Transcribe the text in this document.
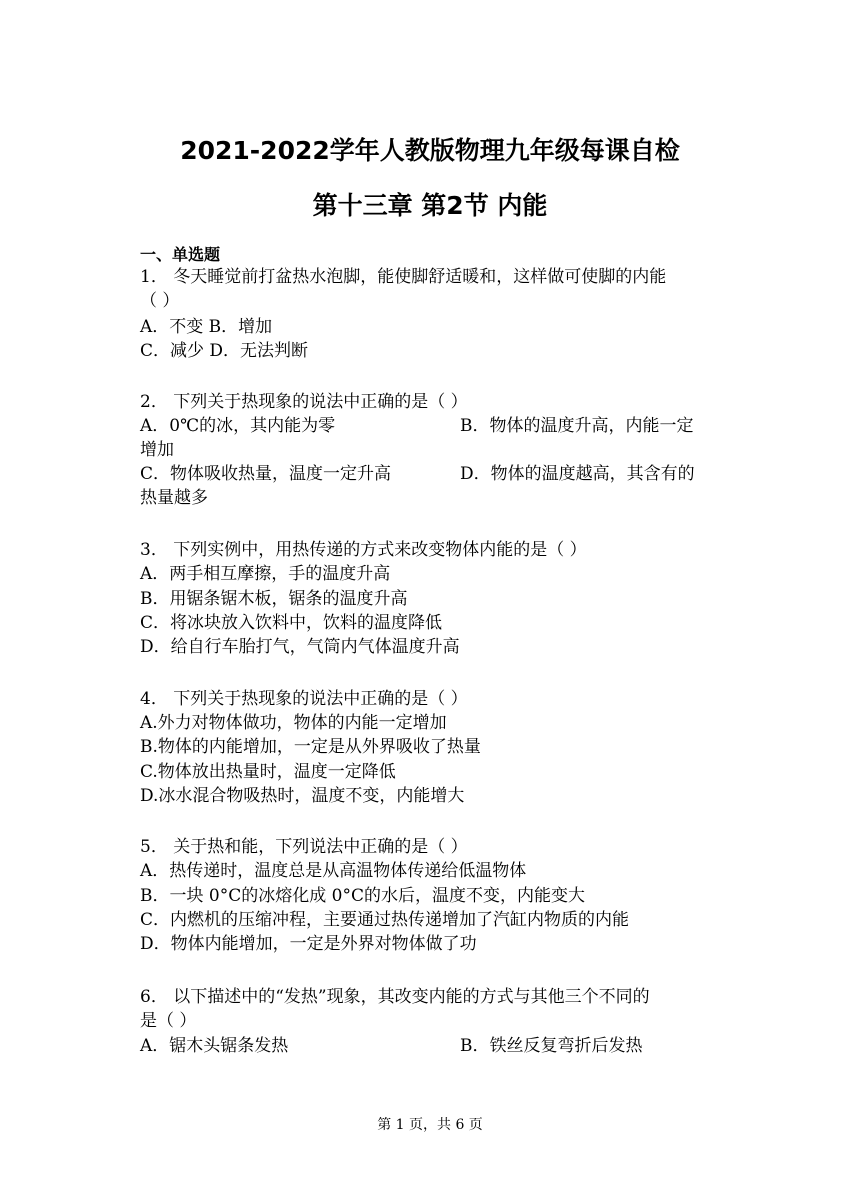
2021-2022学年人教版物理九年级每课自检
第十三章 第2节 内能
一、单选题
1． 冬天睡觉前打盆热水泡脚，能使脚舒适暖和，这样做可使脚的内能
（ ）
A．不变 B．增加
C．减少 D．无法判断
2． 下列关于热现象的说法中正确的是（ ）
A．0℃的冰，其内能为零	B．物体的温度升高，内能一定
增加
C．物体吸收热量，温度一定升高	D．物体的温度越高，其含有的
热量越多
3． 下列实例中，用热传递的方式来改变物体内能的是（ ）
A．两手相互摩擦，手的温度升高
B．用锯条锯木板，锯条的温度升高
C．将冰块放入饮料中，饮料的温度降低
D．给自行车胎打气，气筒内气体温度升高
4． 下列关于热现象的说法中正确的是（ ）
A.外力对物体做功，物体的内能一定增加
B.物体的内能增加，一定是从外界吸收了热量
C.物体放出热量时，温度一定降低
D.冰水混合物吸热时，温度不变，内能增大
5． 关于热和能，下列说法中正确的是（ ）
A．热传递时，温度总是从高温物体传递给低温物体
B．一块 0°C的冰熔化成 0°C的水后，温度不变，内能变大
C．内燃机的压缩冲程，主要通过热传递增加了汽缸内物质的内能
D．物体内能增加，一定是外界对物体做了功
6． 以下描述中的“发热”现象，其改变内能的方式与其他三个不同的
是（ ）
A．锯木头锯条发热	B．铁丝反复弯折后发热
第 1 页，共 6 页
